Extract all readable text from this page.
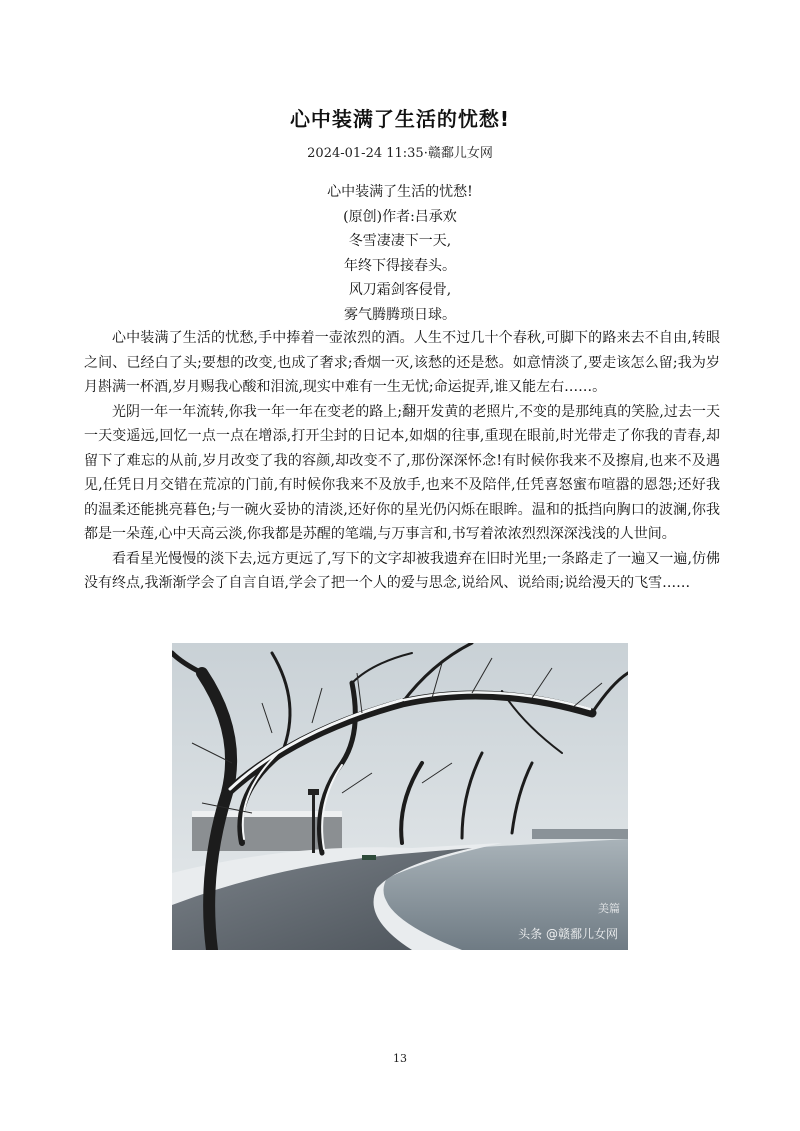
心中装满了生活的忧愁!
2024-01-24 11:35·赣鄱儿女网
心中装满了生活的忧愁!
(原创)作者:吕承欢
冬雪凄凄下一天,
年终下得接春头。
风刀霜剑客侵骨,
雾气腾腾琐日球。

心中装满了生活的忧愁,手中捧着一壶浓烈的酒。人生不过几十个春秋,可脚下的路来去不自由,转眼之间、已经白了头;要想的改变,也成了奢求;香烟一灭,该愁的还是愁。如意情淡了,要走该怎么留;我为岁月斟满一杯酒,岁月赐我心酸和泪流,现实中难有一生无忧;命运捉弄,谁又能左右……。

光阴一年一年流转,你我一年一年在变老的路上;翻开发黄的老照片,不变的是那纯真的笑脸,过去一天一天变遥远,回忆一点一点在增添,打开尘封的日记本,如烟的往事,重现在眼前,时光带走了你我的青春,却留下了难忘的从前,岁月改变了我的容颜,却改变不了,那份深深怀念!有时候你我来不及擦肩,也来不及遇见,任凭日月交错在荒凉的门前,有时候你我来不及放手,也来不及陪伴,任凭喜怒蜜布喧嚣的恩怨;还好我的温柔还能挑亮暮色;与一碗火妥协的清淡,还好你的星光仍闪烁在眼眸。温和的抵挡向胸口的波澜,你我都是一朵莲,心中天高云淡,你我都是苏醒的笔端,与万事言和,书写着浓浓烈烈深深浅浅的人世间。

看看星光慢慢的淡下去,远方更远了,写下的文字却被我遗弃在旧时光里;一条路走了一遍又一遍,仿佛没有终点,我渐渐学会了自言自语,学会了把一个人的爱与思念,说给风、说给雨;说给漫天的飞雪……

美篇
头条 @赣鄱儿女网
13
